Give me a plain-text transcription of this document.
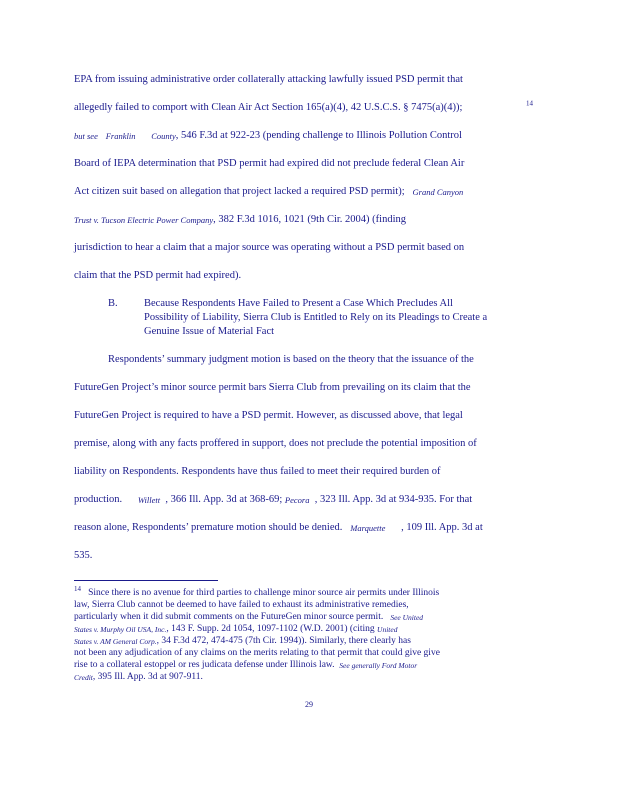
EPA from issuing administrative order collaterally attacking lawfully issued PSD permit that
allegedly failed to comport with Clean Air Act Section 165(a)(4), 42 U.S.C.S. § 7475(a)(4));	$^{14}$
but see
Franklin
County , 546 F.3d at 922-23 (pending challenge to Illinois Pollution Control
Board of IEPA determination that PSD permit had expired did not preclude federal Clean Air
Act citizen suit based on allegation that project lacked a required PSD permit);
Grand Canyon
Trust v. Tucson Electric Power Company , 382 F.3d 1016, 1021 (9th Cir. 2004) (finding
jurisdiction to hear a claim that a major source was operating without a PSD permit based on
claim that the PSD permit had expired).
B.	Because Respondents Have Failed to Present a Case Which Precludes All
Possibility of Liability, Sierra Club is Entitled to Rely on its Pleadings to Create a
Genuine Issue of Material Fact
Respondents’ summary judgment motion is based on the theory that the issuance of the
FutureGen Project’s minor source permit bars Sierra Club from prevailing on its claim that the
FutureGen Project is required to have a PSD permit. However, as discussed above, that legal
premise, along with any facts proffered in support, does not preclude the potential imposition of
liability on Respondents. Respondents have thus failed to meet their required burden of
production.
Willett
, 366 Ill. App. 3d at 368-69;
Pecora
, 323 Ill. App. 3d at 934-935. For that
reason alone, Respondents’ premature motion should be denied.
Marquette
, 109 Ill. App. 3d at
535.
$^{14}$
Since there is no avenue for third parties to challenge minor source air permits under Illinois
law, Sierra Club cannot be deemed to have failed to exhaust its administrative remedies,
particularly when it did submit comments on the FutureGen minor source permit.
See United
States v. Murphy Oil USA, Inc. , 143 F. Supp. 2d 1054, 1097-1102 (W.D. 2001) (citing
United
States v. AM General Corp. , 34 F.3d 472, 474-475 (7th Cir. 1994)). Similarly, there clearly has
not been any adjudication of any claims on the merits relating to that permit that could give give
rise to a collateral estoppel or res judicata defense under Illinois law.
See generally Ford Motor
Credit , 395 Ill. App. 3d at 907-911.
29
